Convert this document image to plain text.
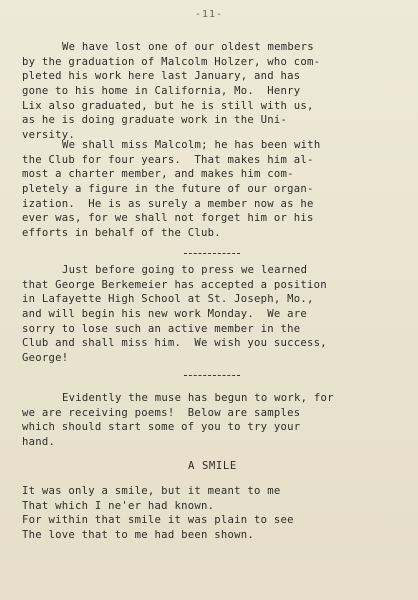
-11-
We have lost one of our oldest members
by the graduation of Malcolm Holzer, who com-
pleted his work here last January, and has
gone to his home in California, Mo.  Henry
Lix also graduated, but he is still with us,
as he is doing graduate work in the Uni-
versity.
We shall miss Malcolm; he has been with
the Club for four years.  That makes him al-
most a charter member, and makes him com-
pletely a figure in the future of our organ-
ization.  He is as surely a member now as he
ever was, for we shall not forget him or his
efforts in behalf of the Club.
Just before going to press we learned
that George Berkemeier has accepted a position
in Lafayette High School at St. Joseph, Mo.,
and will begin his new work Monday.  We are
sorry to lose such an active member in the
Club and shall miss him.  We wish you success,
George!
Evidently the muse has begun to work, for
we are receiving poems!  Below are samples
which should start some of you to try your
hand.
A SMILE
It was only a smile, but it meant to me
That which I ne'er had known.
For within that smile it was plain to see
The love that to me had been shown.
